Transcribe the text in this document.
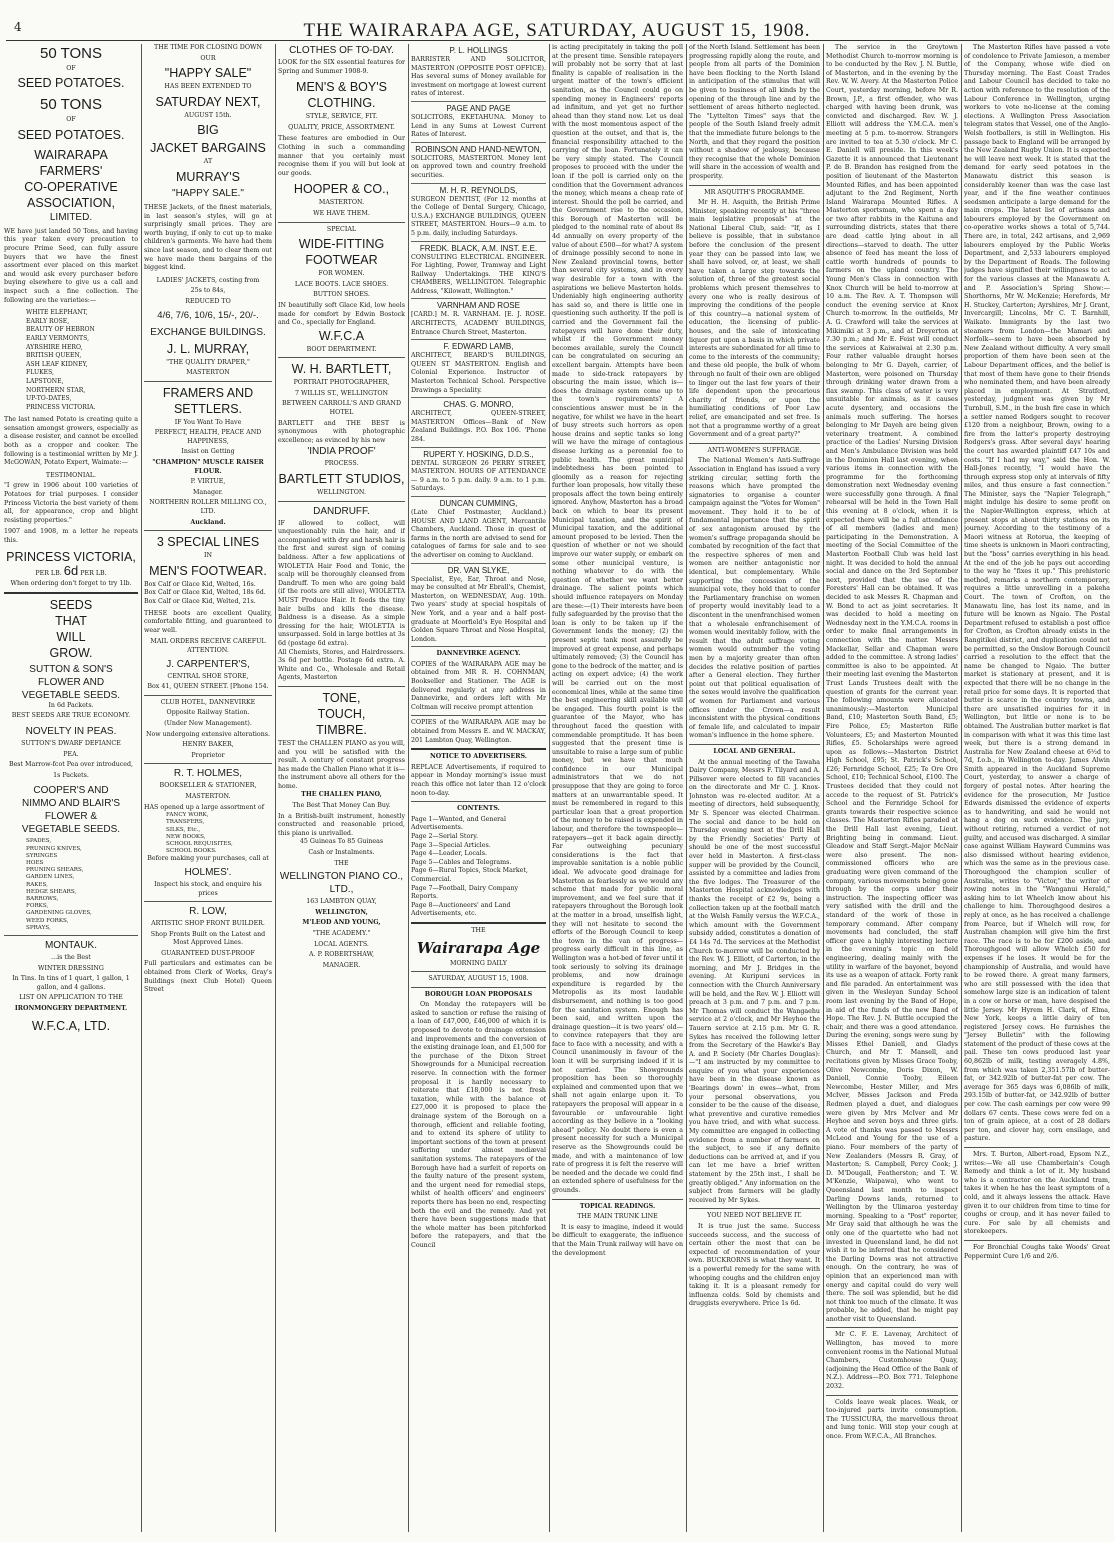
4	THE WAIRARAPA AGE, SATURDAY, AUGUST 15, 1908.
50 TONS
OF
SEED POTATOES.
50 TONS
OF
SEED POTATOES.
WAIRARAPA
FARMERS'
CO-OPERATIVE
ASSOCIATION,
LIMITED.

WE have just landed 50 Tons, and having this year taken every precaution to procure Prime Seed, can fully assure buyers that we have the finest assortment ever placed on this market and would ask every purchaser before buying elsewhere to give us a call and inspect such a fine collection. The following are the varieties:—

WHITE ELEPHANT,
EARLY ROSE,
BEAUTY OF HEBRON
EARLY VERMONTS,
AYRSHIRE HERO,
BRITISH QUEEN,
ASH LEAF KIDNEY,
FLUKES,
LAPSTONE,
NORTHERN STAR,
UP-TO-DATES,
PRINCESS VICTORIA.

The last named Potato is creating quite a sensation amongst growers, especially as a disease resister, and cannot be excelled both as a cropper and cooker. The following is a testimonial written by Mr J. McGOWAN, Potato Expert, Waimate:—

TESTIMONIAL.

"I grew in 1906 about 100 varieties of Potatoes for trial purposes. I consider Princess Victoria the best variety of them all, for appearance, crop and blight resisting properties."

1907 and 1908, m a letter he repeats this.

PRINCESS VICTORIA,
PER LB. 6d PER LB.
When ordering don't forget to try 1lb.
SEEDS
THAT
WILL
GROW.
SUTTON & SON'S
FLOWER AND
VEGETABLE SEEDS.
In 6d Packets.
BEST SEEDS ARE TRUE ECONOMY.
NOVELTY IN PEAS.
SUTTON'S DWARF DEFIANCE
PEA.
Best Marrow-fcot Pea over introduced,
1s Packets.
COOPER'S AND
NIMMO AND BLAIR'S
FLOWER &
VEGETABLE SEEDS.
SPADES,
PRUNING KNIVES,
SYRINGES
HOES
PRUNING SHEARS,
GARDEN LINES,
RAKES,
HEDGE SHEARS,
BARROWS,
FORKS,
GARDENING GLOVES,
WEED FORKS,
SPRAYS,
MONTAUK.
...is the Best
WINTER DRESSING
In Tins. In tins of 1 quart, 1 gallon, 1 gallon, and 4 gallons.
LIST ON APPLICATION TO THE
IRONMONGERY DEPARTMENT.
W.F.C.A, LTD.
THE TIME FOR CLOSING DOWN
OUR
"HAPPY SALE"
HAS BEEN EXTENDED TO
SATURDAY NEXT,
AUGUST 15th.
BIG
JACKET BARGAINS
AT
MURRAY'S
"HAPPY SALE."

THESE Jackets, of the finest materials, in last season's styles, will go at surprisingly small prices. They are worth buying, if only to cut up to make children's garments. We have had them since last season, and to clear them out we have made them bargains of the biggest kind.

LADIES' JACKETS, costing from
25s to 84s,
REDUCED TO
4/6, 7/6, 10/6, 15/-, 20/-.
EXCHANGE BUILDINGS.
J. L. MURRAY,
"THE QUALITY DRAPER,"
MASTERTON
FRAMERS AND SETTLERS.
IF You Want To Have
PERFECT, HEALTH, PEACE AND HAPPINESS,
Insist on Getting
"CHAMPION" MUSCLE RAISER FLOUR.
P. VIRTUE,
Manager.
NORTHERN ROLLER MILLING CO., LTD.
Auckland.
3 SPECIAL LINES
IN
MEN'S FOOTWEAR.
Box Calf or Glace Kid, Welted, 16s.
Box Calf or Glace Kid, Welted, 18s 6d.
Box Calf or Glace Kid, Welted, 21s.

THESE boots are excellent Quality, comfortable fitting, and guaranteed to wear well.

MAIL ORDERS RECEIVE CAREFUL ATTENTION.
J. CARPENTER'S,
CENTRAL SHOE STORE,
Box 41, QUEEN STREET. [Phone 154.
CLUB HOTEL, DANNEVIRKE
Opposite Railway Station.
(Under New Management).
Now undergoing extensive alterations.
HENRY BAKER,
Proprietor
R. T. HOLMES,
BOOKSELLER & STATIONER,
MASTERTON.
HAS opened up a large assortment of
FANCY WORK,
TRANSFERS,
SILKS, Etc.,
NEW BOOKS,
SCHOOL REQUISITES,
SCHOOL BOOKS.
Before making your purchases, call at
HOLMES'.
Inspect his stock, and enquire his prices
R. LOW,
ARTISTIC SHOP FRONT BUILDER.
Shop Fronts Built on the Latest and Most Approved Lines.
GUARANTEED DUST-PROOF

Full particulars and estimates can be obtained from Clerk of Works, Gray's Buildings (next Club Hotel) Queen Street

CLOTHES OF TO-DAY.

LOOK for the SIX essential features for Spring and Summer 1908-9.

MEN'S & BOY'S CLOTHING.
STYLE, SERVICE, FIT.
QUALITY, PRICE, ASSORTMENT.

These features are embodied in Our Clothing in such a commanding manner that you certainly must recognise them if you will but look at our goods.

HOOPER & CO.,
MASTERTON.
WE HAVE THEM.
SPECIAL
WIDE-FITTING FOOTWEAR
FOR WOMEN.
LACE BOOTS. LACE SHOES.
BUTTON SHOES.

IN beautifully soft Glace Kid, low heels made for comfort by Edwin Bostock and Co., specially for England.

W.F.C.A
BOOT DEPARTMENT.
W. H. BARTLETT,
PORTRAIT PHOTOGRAPHER,
7 WILLIS ST., WELLINGTON
BETWEEN CARROLL'S AND GRAND HOTEL

BARTLETT and THE BEST is synonymous with photographic excellence; as evinced by his new

'INDIA PROOF'
PROCESS.
BARTLETT STUDIOS,
WELLINGTON.
DANDRUFF.

IF allowed to collect, will unquestionably ruin the hair, and if accompanied with dry and harsh hair is the first and surest sign of coming baldness. After a few applications of WIOLETTA Hair Food and Tonic, the scalp will be thoroughly cleansed from Dandruff. To men who are going bald (if the roots are still alive), WIOLETTA MUST Produce Hair. It feeds the tiny hair bulbs and kills the disease. Baldness is a disease. As a simple dressing for the hair, WIOLETTA is unsurpassed. Sold in large bottles at 3s 6d (postage 6d extra).

All Chemists, Stores, and Hairdressers. 3s 6d per bottle. Postage 6d extra. A. White and Co., Wholesale and Retail Agents, Masterton

TONE,
TOUCH,
TIMBRE.

TEST the CHALLEN PIANO as you will, and you will be satisfied with the result. A century of constant progress has made the Challen Piano what it is—the instrument above all others for the home.

THE CHALLEN PIANO,
The Best That Money Can Buy.

In a British-built instrument, honestly constructed and reasonable priced, this piano is unrivalled.

45 Guineas To 85 Guineas
Cash or Instalments.
THE
WELLINGTON PIANO CO., LTD.,
163 LAMBTON QUAY,
WELLINGTON,
M'LEOD AND YOUNG,
"THE ACADEMY."
LOCAL AGENTS.
A. P. ROBERTSHAW,
MANAGER.
P. L. HOLLINGS

BARRISTER AND SOLICITOR, MASTERTON (OPPOSITE POST OFFICE). Has several sums of Money available for investment on mortgage at lowest current rates of interest.

PAGE AND PAGE

SOLICITORS, EKETAHUNA. Money to Lend in any Sums at Lowest Current Rates of Interest.

ROBINSON AND HAND-NEWTON,

SOLICITORS, MASTERTON. Money lent on approved town and country freehold securities.

M. H. R. REYNOLDS,

SURGEON DENTIST, (For 12 months at the College of Dental Surgery, Chicago, U.S.A.) EXCHANGE BUILDINGS, QUEEN STREET, MASTERTON. Hours—9 a.m. to 5 p.m. daily, including Saturdays.

FREDK. BLACK, A.M. INST. E.E.

CONSULTING ELECTRICAL ENGINEER. For Lighting, Power, Tramway and Light Railway Undertakings. THE KING'S CHAMBERS, WELLINGTON. Telegraphic Address, "Kilowatt, Wellington."

VARNHAM AND ROSE

[CARD.] M. R. VARNHAM. [E. J. ROSE. ARCHITECTS, ACADEMY BUILDINGS, Entrance Church Street, Masterton.

F. EDWARD LAMB,

ARCHITECT, BEARD'S BUILDINGS, QUEEN ST MASTERTON. English and Colonial Experience. Instructor of Masterton Technical School. Perspective Drawings a Speciality.

CHAS. G. MONRO,

ARCHITECT, QUEEN-STREET, MASTERTON Offices—Bank of New Zealand Buildings. P.O. Box 106. 'Phone 284.

RUPERT Y. HOSKING, D.D.S.,

DENTAL SURGEON 26 PERRY STREET, MASTERTON. HOURS OF ATTENDANCE— 9 a.m. to 5 p.m. daily. 9 a.m. to 1 p.m. Saturdays.

DUNCAN CUMMING,

(Late Chief Postmaster, Auckland.) HOUSE AND LAND AGENT, Mercantile Chambers, Auckland. Those in quest of farms in the north are advised to send for catalogues of farms for sale and to see the advertiser on coming to Auckland.

DR. VAN SLYKE,

Specialist, Eye, Ear, Throat and Nose, may be consulted at Mr Ebrall's, Chemist, Masterton, on WEDNESDAY, Aug. 19th. Two years' study at special hospitals of New York, and a year and a half post-graduate at Moorfield's Eye Hospital and Golden Square Throat and Nose Hospital, London.

DANNEVIRKE AGENCY.

COPIES of the WAIRARAPA AGE may be obtained from MR R. H. COHNMAN, Bookseller and Stationer. The AGE is delivered regularly at any address in Dannevirke, and orders left with Mr Coltman will receive prompt attention

COPIES of the WAIRARAPA AGE may be obtained from Messrs E. and W. MACKAY, 201 Lambton Quay, Wellington.

NOTICE TO ADVERTISERS.

REPLACE Advertisements, if required to appear in Monday morning's issue must reach this office not later than 12 o'clock noon to-day.

CONTENTS.
Page 1—Wanted, and General Advertisements.
Page 2—Serial Story.
Page 3—Special Articles.
Page 4—Leader, Locals.
Page 5—Cables and Telegrams.
Page 6—Rural Topics, Stock Market, Commercial.
Page 7—Football, Dairy Company Reports.
Page 8—Auctioneers' and Land Advertisements, etc.
THE
Wairarapa Age
MORNING DAILY
SATURDAY, AUGUST 15, 1908.
BOROUGH LOAN PROPOSALS

On Monday the ratepayers will be asked to sanction or refuse the raising of a loan of £47,000, £46,000 of which it is proposed to devote to drainage extension and improvements and the conversion of the existing drainage loan, and £1,500 for the purchase of the Dixon Street Showgrounds for a Municipal recreation reserve. In connection with the former proposal it is hardly necessary to reiterate that £18,000 is not fresh taxation, while with the balance of £27,000 it is proposed to place the drainage system of the Borough on a thorough, efficient and reliable footing, and to extend its sphere of utility to important sections of the town at present suffering under almost mediæval sanitation systems. The ratepayers of the Borough have had a surfeit of reports on the faulty nature of the present system, and the urgent need for remedial steps, whilst of health officers' and engineers' reports there has been no end, respecting both the evil and the remedy. And yet there have been suggestions made that the whole matter has been pitchforked before the ratepayers, and that the Council

is acting precipitately in taking the poll at the present time. Sensible ratepayers will probably not be sorry that at last finality is capable of realisation in the urgent matter of the town's efficient sanitation, as the Council could go on spending money in Engineers' reports ad infinitum, and yet get no further ahead than they stand now. Let us deal with the most momentous aspect of the question at the outset, and that is, the financial responsibility attached to the carrying of the loan. Fortunately it can be very simply stated. The Council proposes to proceed with the under the loan if the poll is carried only on the condition that the Government advances the money, which means a cheap rate of interest. Should the poll be carried, and the Government rise to the occasion, this Borough of Masterton will be pledged to the nominal rate of about 8s 4d annually on every property of the value of about £500—for what? A system of drainage possibly second to none in New Zealand provincial towns, better than several city systems, and in every way desirable for a town with the aspirations we believe Masterton holds. Undeniably high engineering authority has said so, and there is little one in questioning such authority. If the poll is carried and the Government fail the ratepayers will have done their duty, whilst if the Government money becomes available, surely the Council can be congratulated on securing an excellent bargain. Attempts have been made to side-track ratepayers by obscuring the main issue, which is—does the drainage system come up to the town's requirements? A conscientious answer must be in the negative, for whilst we have in the heart of busy streets such horrors as open house drains and septic tanks so long will we have the mirage of contagious disease lurking as a perennial foe to public health. The great municipal indebtedness has been pointed to gloomily as a reason for rejecting further loan proposals, how vitally these proposals affect the town being entirely ignored. Anyhow, Masterton has a broad back on which to bear its present Municipal taxation, and the spirit of Municipal taxation, and the additional amount proposed to be levied. Then the question of whether or not we should improve our water supply, or embark on some other municipal venture, is nothing whatever to do with the question of whether we want better drainage. The salient points which should influence ratepayers on Monday are these:—(1) Their interests have been fully safeguarded by the proviso that the loan is only to be taken up if the Government lends the money; (2) the present septic tank most assuredly be improved at great expense, and perhaps ultimately removed; (3) the Council has gone to the bedrock of the matter, and is acting on expert advice; (4) the work will be carried out on the most economical lines, while at the same time the best engineering skill available will be engaged. This fourth point is the guarantee of the Mayor, who has throughout faced the question with commendable promptitude. It has been suggested that the present time is unsuitable to raise a large sum of public money, but we have that much confidence in our Municipal administrators that we do not presuppose that they are going to force matters at an unwarrantable speed. It must be remembered in regard to this particular loan that a great proportion of the money to be raised is expended in labour, and therefore the townspeople—ratepayers—get it back again directly. Far outweighing pecuniary considerations is the fact that improvable sanitation is a noble public ideal. We advocate good drainage for Masterton as fearlessly as we would any scheme that made for public moral improvement, and we feel sure that if ratepayers throughout the Borough look at the matter in a broad, unselfish light, they will not hesitate to second the efforts of the Borough Council to keep the town in the van of progress—progress early difficult in this line, as Wellington was a hot-bed of fever until it took seriously to solving its drainage problems, and now drainage expenditure is regarded by the Metropolis as its most laudable disbursement, and nothing is too good for the sanitation system. Enough has been said, and written upon the drainage question—it is two years' old—to convince ratepayers that they are face to face with a necessity, and with a Council unanimously in favour of the loan it will be surprising indeed if it is not carried. The Showgrounds proposition has been so thoroughly explained and commented upon that we shall not again enlarge upon it. To ratepayers the proposal will appear in a favourable or unfavourable light according as they believe in a "looking ahead" policy. No doubt there is even a present necessity for such a Municipal reserve as the Showgrounds could be made, and with a maintenance of low rate of progress it is felt the reserve will be needed and the decade we could find an extended sphere of usefulness for the grounds.

TOPICAL READINGS.
THE MAIN TRUNK LINE

It is easy to imagine, indeed it would be difficult to exaggerate, the influence that the Main Trunk railway will have on the development

of the North Island. Settlement has been progressing rapidly along the route, and people from all parts of the Dominion have been flocking to the North Island in anticipation of the stimulus that will be given to business of all kinds by the opening of the through line and by the settlement of areas hitherto neglected. The "Lyttelton Times" says that the people of the South Island freely admit that the immediate future belongs to the North, and that they regard the position without a shadow of jealousy, because they recognise that the whole Dominion will share in the accession of wealth and prosperity.

MR ASQUITH'S PROGRAMME.

Mr H. H. Asquith, the British Prime Minister, speaking recently at his "three main legislative proposals" at the National Liberal Club, said: "If, as I believe is possible, that in substance before the conclusion of the present year they can be passed into law, we shall have solved, or, at least, we shall have taken a large step towards the solution of, three of the greatest social problems which present themselves to every one who is really desirous of improving the conditions of the people of this country—a national system of education, the licensing of public-houses, and the sale of intoxicating liquor put upon a basis in which private interests are subordinated for all time to come to the interests of the community; and these old people, the bulk of whom through no fault of their own are obliged to linger out the last few years of their life dependent upon the precarious charity of friends, or upon the humiliating conditions of Poor Law relief, are emancipated and set free. Is not that a programme worthy of a great Government and of a great party?"

ANTI-WOMEN'S SUFFRAGE.

The National Women's Anti-Suffrage Association in England has issued a very striking circular, setting forth the reasons which have prompted the signatories to organise a counter campaign against the "Votes for Women" movement. They hold it to be of fundamental importance that the spirit of sex antagonism aroused by the women's suffrage propaganda should be combated by recognition of the fact that the respective spheres of men and women are neither antagonistic nor identical, but complementary. While supporting the concession of the municipal vote, they hold that to confer the Parliamentary franchise on women of property would inevitably lead to a discontent in the unenfranchised women that a wholesale enfranchisement of women would inevitably follow, with the result that the adult suffrage voting women would outnumber the voting men by a majority greater than often decides the relative position of parties after a General election. They further point out that political equalisation of the sexes would involve the qualification of women for Parliament and various offices under the Crown—a result inconsistent with the physical conditions of female life, and calculated to impair woman's influence in the home sphere.

LOCAL AND GENERAL.

At the annual meeting of the Tawaha Dairy Company, Messrs F. Tilyard and A. Pillsover were elected to fill vacancies on the directorate and Mr C. J. Knox-Johnston was re-elected auditor. At a meeting of directors, held subsequently, Mr S. Spencer was elected Chairman. The social and dance to be held on Thursday evening next at the Drill Hall by the Friendly Societies' Party of should be one of the most successful ever held in Masterton. A first-class supper will be provided by the Council, assisted by a committee and ladies from the five lodges. The Treasurer of the Masterton Hospital acknowledges with thanks the receipt of £2 9s, being a collection taken up at the football match at the Welsh Family versus the W.F.C.A., which amount with the Government subsidy added, constitutes a donation of £4 14s 7d. The services at the Methodist Church to-morrow will be conducted by the Rev. W. J. Elliott, of Carterton, in the morning, and Mr J. Bridges in the evening. At Kuripuni services in connection with the Church Anniversary will be held, and the Rev. W. J. Elliott will preach at 3 p.m. and 7 p.m. and 7 p.m. Mr Thomas will conduct the Wangaehu service at 2 o'clock, and Mr Heyhoe the Tauern service at 2.15 p.m. Mr G. R. Sykes has received the following letter from the Secretary of the Hawke's Bay A. and P. Society (Mr Charles Douglas):—"I am instructed by my committee to enquire of you what your experiences have been in the disease known as 'Bearings down' in ewes—what, from your personal observations, you consider to be the cause of the disease, what preventive and curative remedies you have tried, and with what success. My committee are engaged in collecting evidence from a number of farmers on the subject, to see if any definite deductions can be arrived at, and if you can let me have a brief written statement by the 25th inst., I shall be greatly obliged." Any information on the subject from farmers will be gladly received by Mr Sykes.

YOU NEED NOT BELIEVE IT.

It is true just the same. Success succeeds success, and the success of certain other the most that can be expected of recommendation of your own. BUCKRORNS is what they want. It is a powerful remedy for the same with whooping coughs and the children enjoy taking it. It is a pleasant remedy for influenza colds. Sold by chemists and druggists everywhere. Price 1s 6d.

The service in the Greytown Methodist Church to-morrow morning is to be conducted by the Rev. J. N. Buttle, of Masterton, and in the evening by the Rev. W. W. Avery. At the Masterton Police Court, yesterday morning, before Mr R. Brown, J.P., a first offender, who was charged with having been drunk, was convicted and discharged. Rev. W. J. Elliott will address the Y.M.C.A. men's meeting at 5 p.m. to-morrow. Strangers are invited to tea at 5.30 o'clock. Mr C. E. Daniell will preside. In this week's Gazette it is announced that Lieutenant P. de B. Brandon has resigned from the position of lieutenant of the Masterton Mounted Rifles, and has been appointed adjutant to the 2nd Regiment, North Island Wairarapa Mounted Rifles. A Masterton sportsman, who spent a day or two after rabbits in the Kaituna and surrounding districts, states that there are dead cattle lying about in all directions—starved to death. The utter absence of feed has meant the loss of cattle worth hundreds of pounds to farmers on the upland country. The Young Men's Class in connection with Knox Church will be held to-morrow at 10 a.m. The Rev. A. T. Thompson will conduct the evening service at Knox Church to-morrow. In the outfields, Mr A. G. Crawford will take the services at Mikimiki at 3 p.m., and at Dreyerton at 7.30 p.m.; and Mr E. Feist will conduct the services at Kaiwaiwai at 2.30 p.m. Four rather valuable draught horses belonging to Mr G. Dayeh, carrier, of Masterton, were poisoned on Thursday through drinking water drawn from a flax swamp. This class of water is very unsuitable for animals, as it causes acute dysentery, and occasions the animals much suffering. The horses belonging to Mr Dayeh are being given veterinary treatment. A combined practice of the Ladies' Nursing Division and Men's Ambulance Division was held in the Dominion Hall last evening, when various items in connection with the programme for the forthcoming demonstration next Wednesday evening were successfully gone through. A final rehearsal will be held in the Town Hall this evening at 8 o'clock, when it is expected there will be a full attendance of all members (ladies and men) participating in the Demonstration. A meeting of the Social Committee of the Masterton Football Club was held last night. It was decided to hold the annual social and dance on the 3rd September next, provided that the use of the Foresters' Hall can be obtained. It was decided to ask Messrs R. Chapman and W. Bond to act as joint secretaries. It was decided to hold a meeting on Wednesday next in the Y.M.C.A. rooms in order to make final arrangements in connection with the matter. Messrs Mackellar, Sellar and Chapman were added to the committee. A strong ladies' committee is also to be appointed. At their meeting last evening the Masterton Trust Lands Trustees dealt with the question of grants for the current year. The following amounts were allocated unanimously:—Masterton Municipal Band, £10; Masterton South Band, £5; Fire Police, £5; Masterton Rifle Volunteers, £5; and Masterton Mounted Rifles, £5. Scholarships were agreed upon as follows:—Masterton District High School, £95; St. Patrick's School, £26; Fernridge School, £25; Te Ore Ore School, £10; Technical School, £100. The Trustees decided that they could not accede to the request of St. Patrick's School and the Fernridge School for grants towards their respective science classes. The Masterton Rifles paraded at the Drill Hall last evening, Lieut. Brighting being in command. Lieut. Gleadow and Staff Sergt.-Major McNair were also present. The non-commissioned officers who are graduating were given command of the company, various movements being gone through by the corps under their instruction. The inspecting officer was very satisfied with the drill and the standard of the work of those in temporary command. After company movements had concluded, the staff officer gave a highly interesting lecture in the evening's topic on field engineering, dealing mainly with the utility in warfare of the bayonet, beyond its use as a weapon of attack. Forty rank and file paraded. An entertainment was given in the Wesleyan Sunday School room last evening by the Band of Hope, in aid of the funds of the new Band of Hope. The Rev. J. N. Buttle occupied the chair, and there was a good attendance. During the evening, songs were sung by Misses Ethel Daniell, and Gladys Church, and Mr T. Mansell, and recitations given by Misses Grace Tooby, Olive Newcombe, Doris Dixon, W. Daniell, Connie Tooby, Eileen Newcombe, Hester Miller, and Mrs McIver, Misses Jackson and Freda Redmen played a duet, and dialogues were given by Mrs McIver and Mr Heyhoe and seven boys and three girls. A vote of thanks was passed to Messrs McLeod and Young for the use of a piano. Four members of the party of New Zealanders (Messrs R. Gray, of Masterton; S. Campbell, Percy Cook; J. D. M'Dougall, Featherston; and T. W. M'Kenzie, Waipawa), who went to Queensland last month to inspect Darling Downs lands, returned to Wellington by the Ulimaroa yesterday morning. Speaking to a "Post" reporter, Mr Gray said that although he was the only one of the quartette who had not invested in Queensland land, he did not wish it to be inferred that he considered the Darling Downs was not attractive enough. On the contrary, he was of opinion that an experienced man with energy and capital could do very well there. The soil was splendid, but he did not think too much of the climate. It was probable, he added, that he might pay another visit to Queensland.

Mr C. F. E. Lavenay, Architect of Wellington, has moved to more convenient rooms in the National Mutual Chambers, Customhouse Quay, (adjoining the Head Office of the Bank of N.Z.). Address—P.O. Box 771. Telephone 2032.

Colds leave weak places. Weak, or too-injured parts invite consumption. The TUSSICURA, the marvellous throat and lung tonic. Will stop your cough at once. From W.F.C.A., All Branches.

The Masterton Rifles have passed a vote of condolence to Private Jamieson, a member of the Company, whose wife died on Thursday morning. The East Coast Trades and Labour Council has decided to take no action with reference to the resolution of the Labour Conference in Wellington, urging workers to vote no-license at the coming elections. A Wellington Press Association telegram states that Vessel, one of the Anglo-Welsh footballers, is still in Wellington. His passage back to England will be arranged by the New Zealand Rugby Union. It is expected he will leave next week. It is stated that the demand for early seed potatoes in the Manawatu district this season is considerably keener than was the case last year, and if the fine weather continues seedsmen anticipate a large demand for the main crops. The latest list of artisans and labourers employed by the Government on co-operative works shows a total of 5,744. There are, in total, 242 artisans, and 2,969 labourers employed by the Public Works Department, and 2,533 labourers employed by the Department of Roads. The following judges have signified their willingness to act for the various classes at the Manawatu A. and P. Association's Spring Show:—Shorthorns, Mr W. McKenzie; Herefords, Mr H. Stuckey, Carterton; Ayrshires, Mr J. Grant, Invercargill; Lincolns, Mr C. T. Barnhill, Waikato. Immigrants by the last two steamers from London—the Mamari and Norfolk—seem to have been absorbed by New Zealand without difficulty. A very small proportion of them have been seen at the Labour Department offices, and the belief is that most of them have gone to their friends who nominated them, and have been already placed in employment. At Stratford, yesterday, judgment was given by Mr Turnbull, S.M., in the bush fire case in which a settler named Rodgers sought to recover £120 from a neighbour, Brown, owing to a fire from the latter's property destroying Rodgers's grass. After several days' hearing the court has awarded plaintiff £47 10s and costs. "If I had my way," said the Hon. W. Hall-Jones recently, "I would have the through express stop only at intervals of fifty miles, and thus ensure a fast connection." The Minister, says the "Napier Telegraph," might indulge his desire to some profit on the Napier-Wellington express, which at present stops at about thirty stations on its journey. According to the testimony of a Maori witness at Rotorua, the keeping of time sheets is unknown in Maori contracting, but the "boss" carries everything in his head. At the end of the job he pays out according to the way he "fixes it up." This prehistoric method, remarks a northern contemporary, requires a little unravelling in a pakeha Court. The town of Crofton, on the Manawatu line, has lost its name, and in future will be known as Ngaio. The Postal Department refused to establish a post office for Crofton, as Crofton already exists in the Rangitikei district, and duplication could not be permitted, so the Onslow Borough Council carried a resolution to the effect that the name be changed to Ngaio. The butter market is stationary at present, and it is expected that there will be no change in the retail price for some days. It is reported that butter is scarce in the country towns, and there are unsatisfied inquiries for it in Wellington, but little or none is to be obtained. The Australian butter market is flat in comparison with what it was this time last week, but there is a strong demand in Australia for New Zealand cheese at 6½d to 7d, f.o.b., in Wellington to-day. James Alwin Smith appeared in the Auckland Supreme Court, yesterday, to answer a charge of forgery of postal notes. After hearing the evidence for the prosecution, Mr Justice Edwards dismissed the evidence of experts as to handwriting, and said he would not hang a dog on such evidence. The jury, without retiring, returned a verdict of not guilty, and accused was discharged. A similar case against William Hayward Cummins was also dismissed without hearing evidence, which was the same as in the previous case. Thoroughgood the champion sculler of Australia, writes to "Victor," the writer of rowing notes in the "Wanganui Herald," asking him to let Wheelch know about his challenge to him. Thoroughgood desires a reply at once, as he has received a challenge from Pearce, but if Whelch will row, for Australian champion will give him the first race. The race is to be for £200 aside, and Thoroughgood will allow Whelch £50 for expenses if he loses. It would be for the championship of Australia, and would have to be rowed there. A great many farmers, who are still possessed with the idea that somehow large size is an indication of talent in a cow or horse or man, have despised the little Jersey. Mr Hyrem H. Clark, of Elma, New York, keeps a little dairy of ten registered Jersey cows. He furnishes the "Jersey Bulletin" with the following statement of the product of these cows at the pail. These ten cows produced last year 60,862lb of milk, testing averagely 4.8%, from which was taken 2,351.57lb of butter-fat, or 342.92lb of butter-fat per cow. The average for 365 days was 6,086lb of milk, 293.15lb of butter-fat, or 342.92lb of butter per cow. The cash earnings per cow were 99 dollars 67 cents. These cows were fed on a ton of grain apiece, at a cost of 28 dollars per ton, and clover hay, corn ensilage, and pasture.

Mrs. T. Burton, Albert-road, Epsom N.Z., writes:—We all use Chamberlain's Cough Remedy and think a lot of it. My husband who is a contractor on the Auckland tram, takes it when he has the least symptom of a cold, and it always lessens the attack. Have given it to our children from time to time for coughs or croup, and it has never failed to cure. For sale by all chemists and storekeepers.

For Bronchial Coughs take Woods' Great Peppermint Cure 1/6 and 2/6.
